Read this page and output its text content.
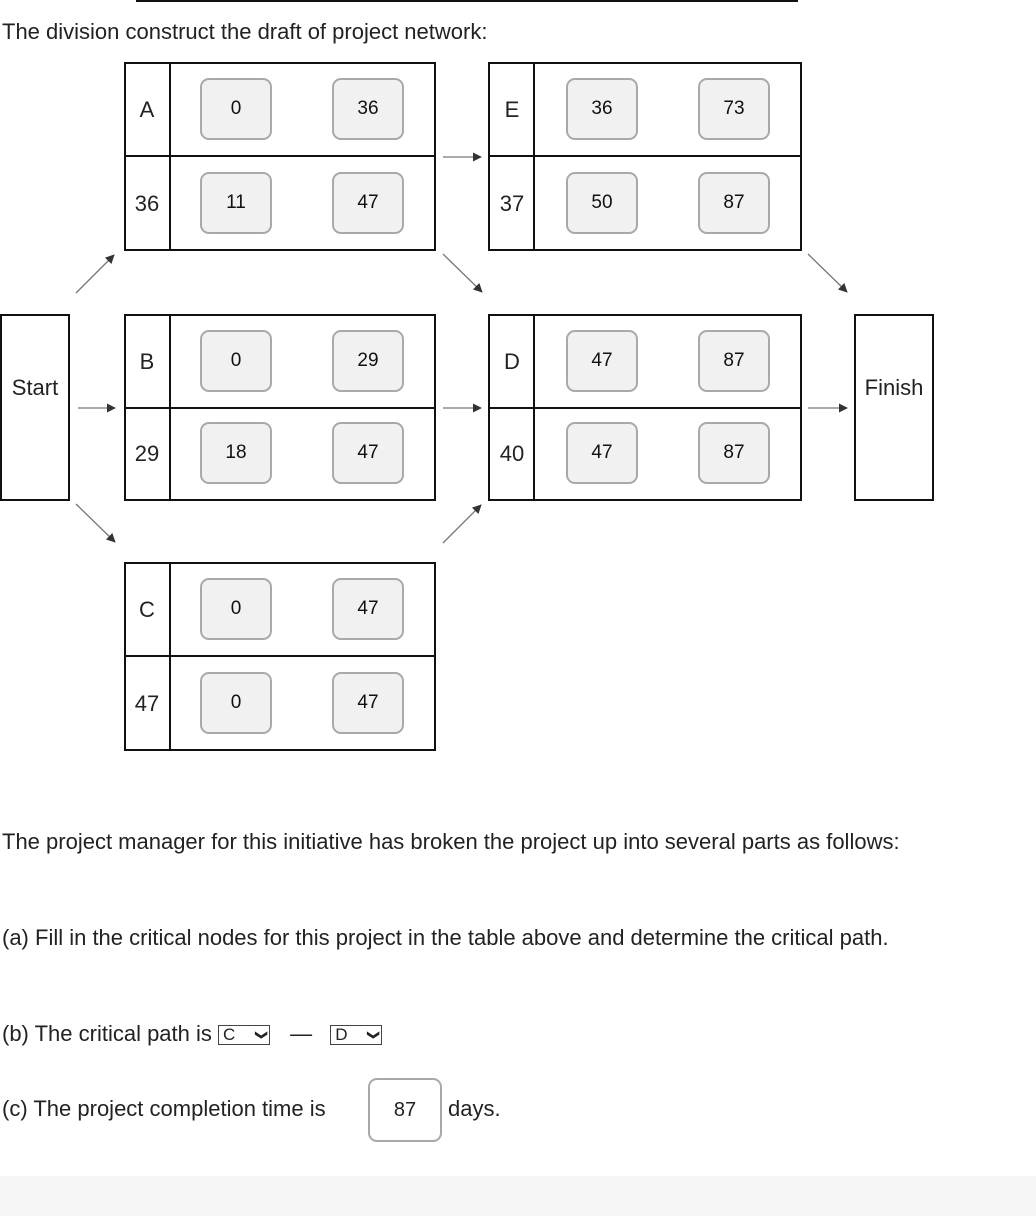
The division construct the draft of project network:
Start	Finish
A
36
0	36
11	47
E
37
36	73
50	87
B
29
0	29
18	47
D
40
47	87
47	87
C
47
0	47
0	47
The project manager for this initiative has broken the project up into several parts as follows:
(a) Fill in the critical nodes for this project in the table above and determine the critical path.
(b) The critical path is C ❯ — D ❯
(c) The project completion time is	87	days.
